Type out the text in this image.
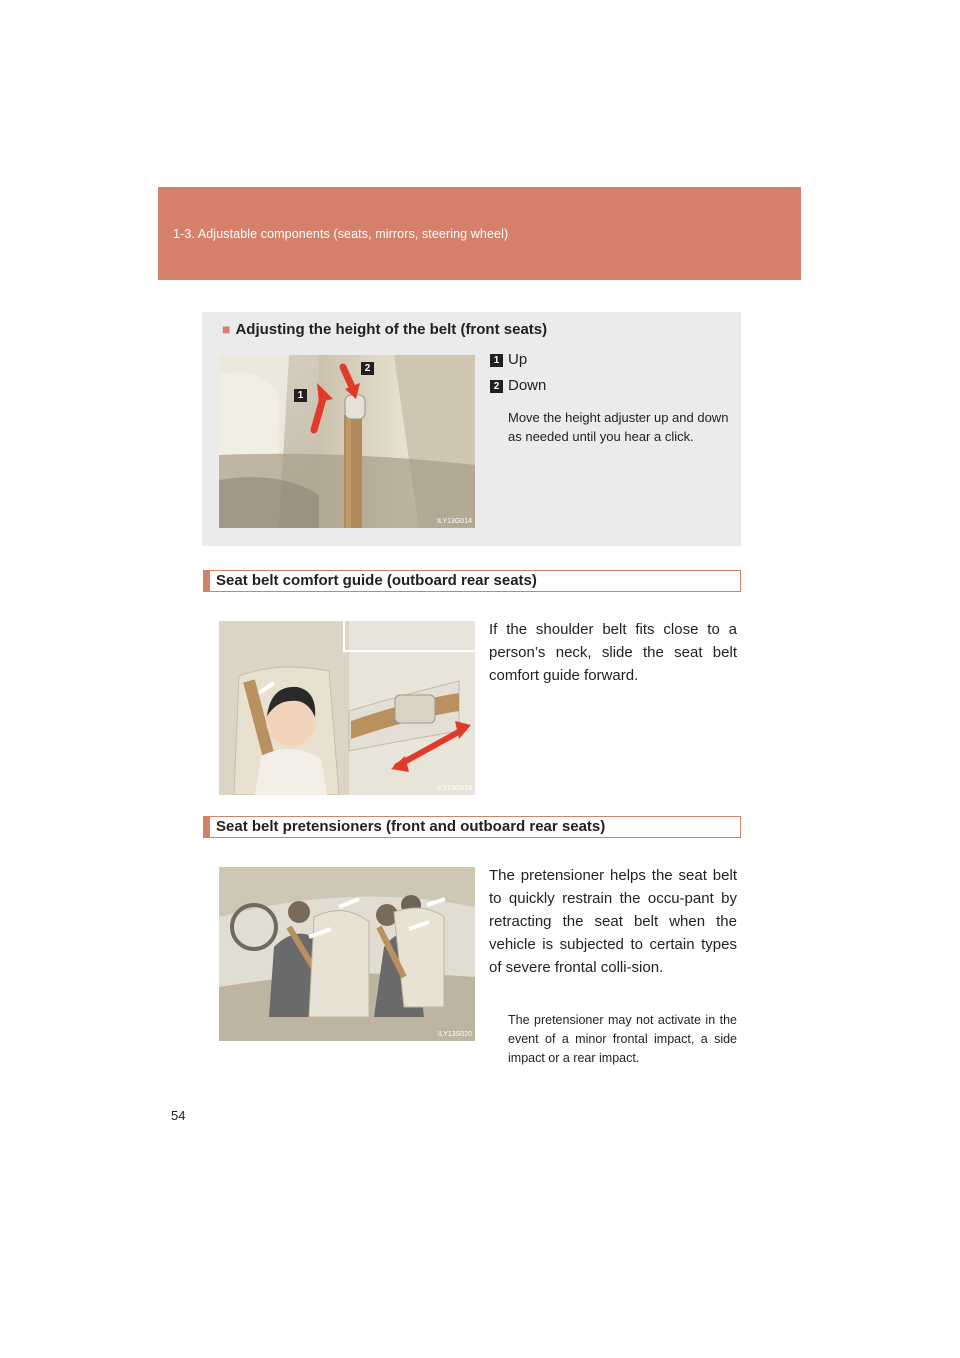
1-3. Adjustable components (seats, mirrors, steering wheel)
■ Adjusting the height of the belt (front seats)
ILY13G014
1
2
1 Up
2 Down
Move the height adjuster up and down as needed until you hear a click.
Seat belt comfort guide (outboard rear seats)
ILY13G015
If the shoulder belt fits close to a person’s neck, slide the seat belt comfort guide forward.
Seat belt pretensioners (front and outboard rear seats)
ILY13S020
The pretensioner helps the seat belt to quickly restrain the occu-pant by retracting the seat belt when the vehicle is subjected to certain types of severe frontal colli-sion.
The pretensioner may not activate in the event of a minor frontal impact, a side impact or a rear impact.
54
